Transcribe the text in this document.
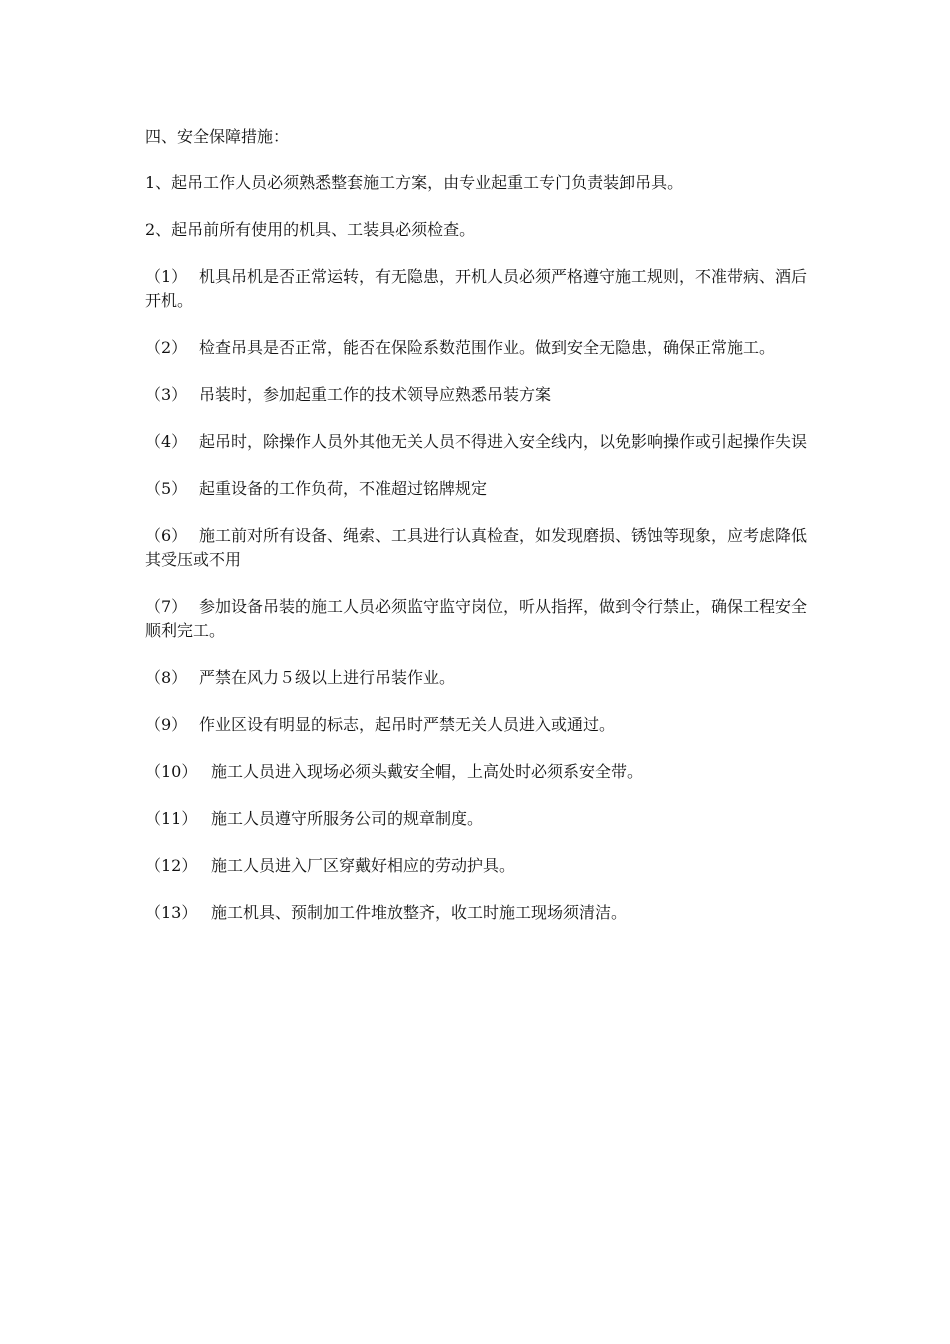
四、安全保障措施：

1、起吊工作人员必须熟悉整套施工方案，由专业起重工专门负责装卸吊具。

2、起吊前所有使用的机具、工装具必须检查。

（1） 机具吊机是否正常运转，有无隐患，开机人员必须严格遵守施工规则，不准带病、酒后开机。

（2） 检查吊具是否正常，能否在保险系数范围作业。做到安全无隐患，确保正常施工。

（3） 吊装时，参加起重工作的技术领导应熟悉吊装方案

（4） 起吊时，除操作人员外其他无关人员不得进入安全线内，以免影响操作或引起操作失误

（5） 起重设备的工作负荷，不准超过铭牌规定

（6） 施工前对所有设备、绳索、工具进行认真检查，如发现磨损、锈蚀等现象，应考虑降低其受压或不用

（7） 参加设备吊装的施工人员必须监守监守岗位，听从指挥，做到令行禁止，确保工程安全顺利完工。

（8） 严禁在风力５级以上进行吊装作业。

（9） 作业区设有明显的标志，起吊时严禁无关人员进入或通过。

（10） 施工人员进入现场必须头戴安全帽，上高处时必须系安全带。

（11） 施工人员遵守所服务公司的规章制度。

（12） 施工人员进入厂区穿戴好相应的劳动护具。

（13） 施工机具、预制加工件堆放整齐，收工时施工现场须清洁。
